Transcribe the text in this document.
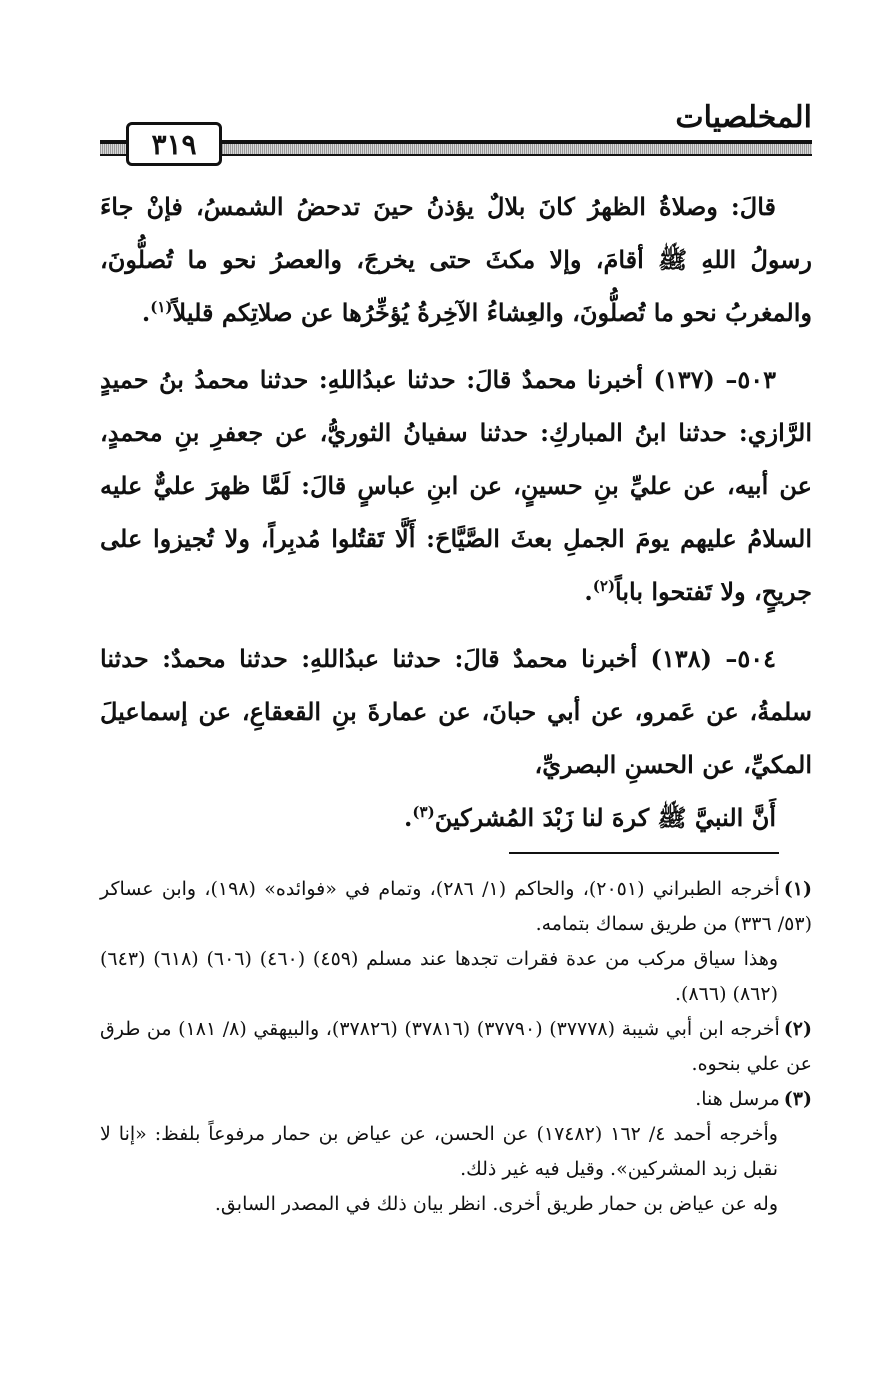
المخلصيات
٣١٩

قالَ: وصلاةُ الظهرُ كانَ بلالٌ يؤذنُ حينَ تدحضُ الشمسُ، فإنْ جاءَ رسولُ اللهِ ﷺ أقامَ، وإلا مكثَ حتى يخرجَ، والعصرُ نحو ما تُصلُّونَ، والمغربُ نحو ما تُصلُّونَ، والعِشاءُ الآخِرةُ يُؤخِّرُها عن صلاتِكم قليلاً$^{(١)}$.

٥٠٣– (١٣٧) أخبرنا محمدٌ قالَ: حدثنا عبدُاللهِ: حدثنا محمدُ بنُ حميدٍ الرَّازي: حدثنا ابنُ المباركِ: حدثنا سفيانُ الثوريُّ، عن جعفرِ بنِ محمدٍ، عن أبيه، عن عليِّ بنِ حسينٍ، عن ابنِ عباسٍ قالَ: لَمَّا ظهرَ عليٌّ عليه السلامُ عليهم يومَ الجملِ بعثَ الصَّيَّاحَ: أَلَّا تَقتُلوا مُدبِراً، ولا تُجيزوا على جريحٍ، ولا تَفتحوا باباً$^{(٢)}$.

٥٠٤– (١٣٨) أخبرنا محمدٌ قالَ: حدثنا عبدُاللهِ: حدثنا محمدٌ: حدثنا سلمةُ، عن عَمرو، عن أبي حبانَ، عن عمارةَ بنِ القعقاعِ، عن إسماعيلَ المكيِّ، عن الحسنِ البصريِّ،

أَنَّ النبيَّ ﷺ كرهَ لنا زَبْدَ المُشركينَ$^{(٣)}$.

(١)أخرجه الطبراني (٢٠٥١)، والحاكم (١/ ٢٨٦)، وتمام في «فوائده» (١٩٨)، وابن عساكر (٥٣/ ٣٣٦) من طريق سماك بتمامه.

وهذا سياق مركب من عدة فقرات تجدها عند مسلم (٤٥٩) (٤٦٠) (٦٠٦) (٦١٨) (٦٤٣) (٨٦٢) (٨٦٦).

(٢)أخرجه ابن أبي شيبة (٣٧٧٧٨) (٣٧٧٩٠) (٣٧٨١٦) (٣٧٨٢٦)، والبيهقي (٨/ ١٨١) من طرق عن علي بنحوه.

(٣)مرسل هنا.

وأخرجه أحمد ٤/ ١٦٢ (١٧٤٨٢) عن الحسن، عن عياض بن حمار مرفوعاً بلفظ: «إنا لا نقبل زبد المشركين». وقيل فيه غير ذلك.

وله عن عياض بن حمار طريق أخرى. انظر بيان ذلك في المصدر السابق.
